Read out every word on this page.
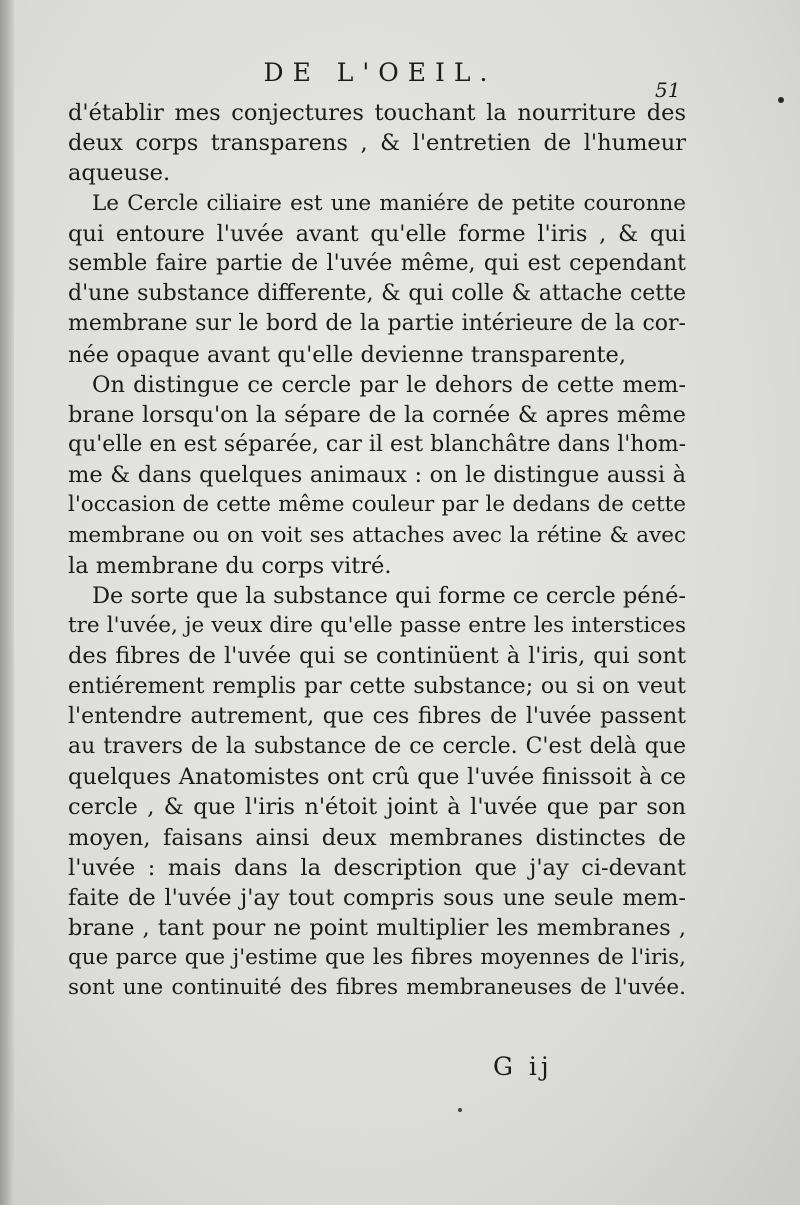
DE L'OEIL.
51
d'établir mes conjectures touchant la nourriture des
deux corps transparens , & l'entretien de l'humeur
aqueuse.
Le Cercle ciliaire est une maniére de petite couronne
qui entoure l'uvée avant qu'elle forme l'iris , & qui
semble faire partie de l'uvée même, qui est cependant
d'une substance differente, & qui colle & attache cette
membrane sur le bord de la partie intérieure de la cor-
née opaque avant qu'elle devienne transparente,
On distingue ce cercle par le dehors de cette mem-
brane lorsqu'on la sépare de la cornée & apres même
qu'elle en est séparée, car il est blanchâtre dans l'hom-
me & dans quelques animaux : on le distingue aussi à
l'occasion de cette même couleur par le dedans de cette
membrane ou on voit ses attaches avec la rétine & avec
la membrane du corps vitré.
De sorte que la substance qui forme ce cercle péné-
tre l'uvée, je veux dire qu'elle passe entre les interstices
des fibres de l'uvée qui se continüent à l'iris, qui sont
entiérement remplis par cette substance; ou si on veut
l'entendre autrement, que ces fibres de l'uvée passent
au travers de la substance de ce cercle. C'est delà que
quelques Anatomistes ont crû que l'uvée finissoit à ce
cercle , & que l'iris n'étoit joint à l'uvée que par son
moyen, faisans ainsi deux membranes distinctes de
l'uvée : mais dans la description que j'ay ci-devant
faite de l'uvée j'ay tout compris sous une seule mem-
brane , tant pour ne point multiplier les membranes ,
que parce que j'estime que les fibres moyennes de l'iris,
sont une continuité des fibres membraneuses de l'uvée.
G ij
